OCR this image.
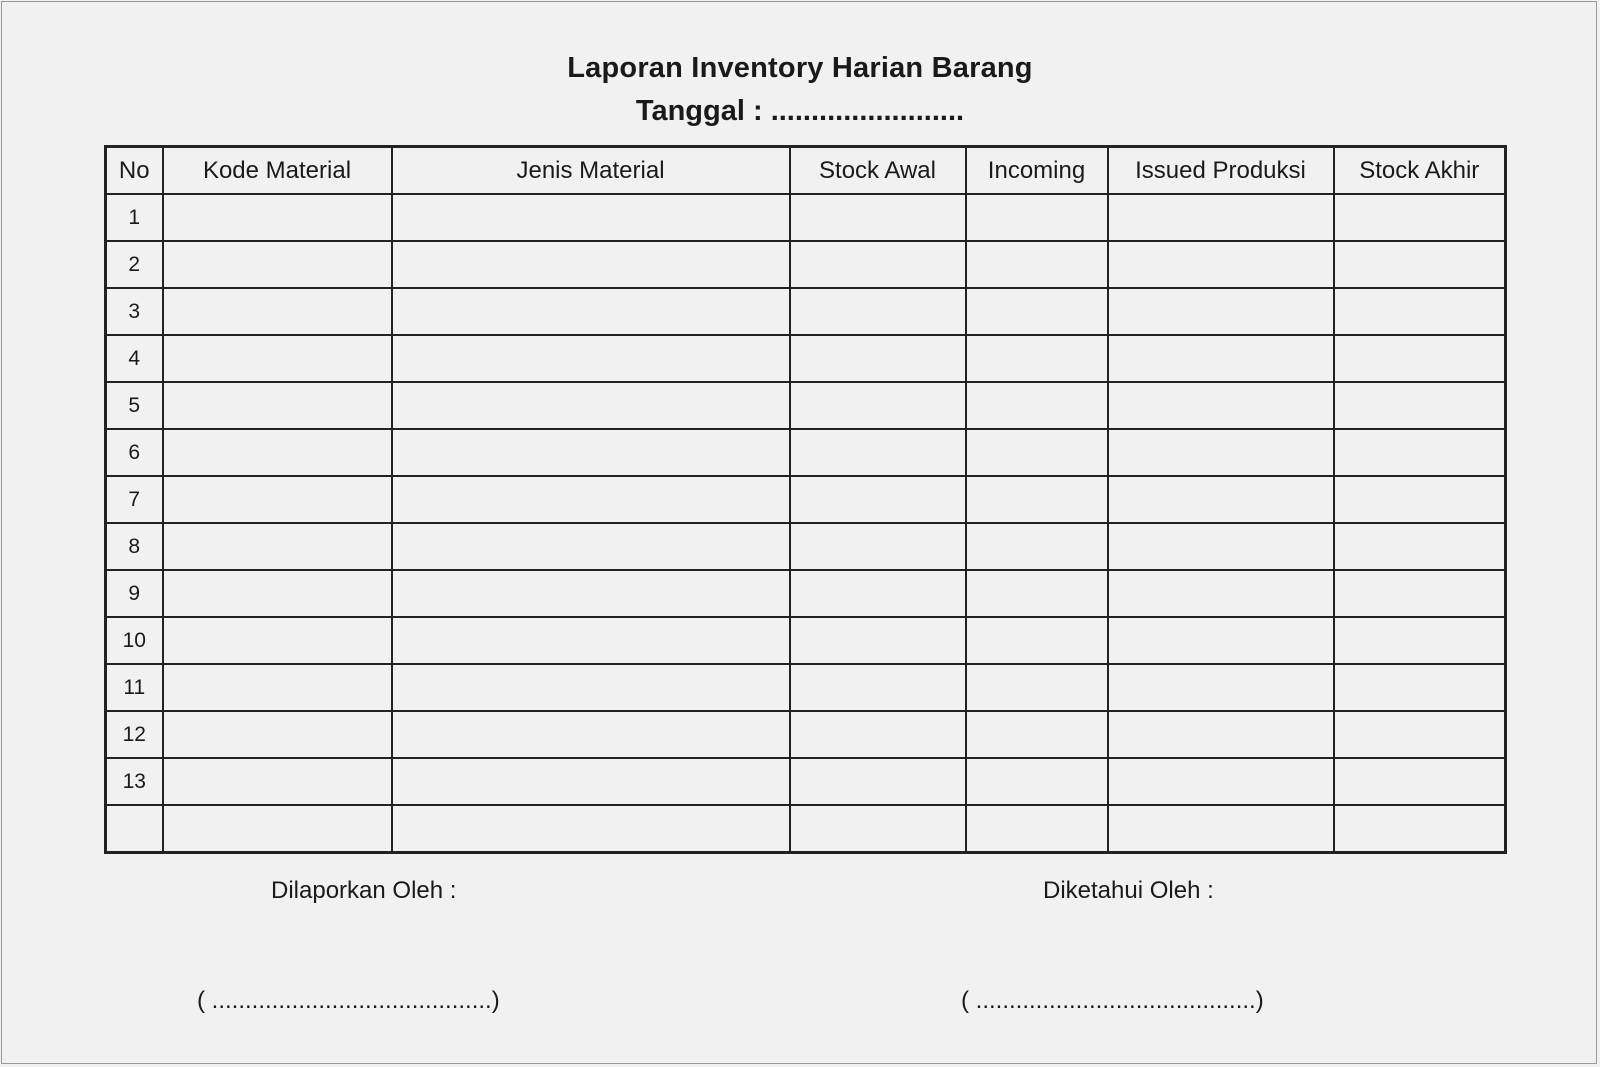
Laporan Inventory Harian Barang
Tanggal : ........................
No	Kode Material	Jenis Material	Stock Awal	Incoming	Issued Produksi	Stock Akhir
1						
2						
3						
4						
5						
6						
7						
8						
9						
10						
11						
12						
13						

Dilaporkan Oleh :	Diketahui Oleh :
( ..........................................)	( ..........................................)
